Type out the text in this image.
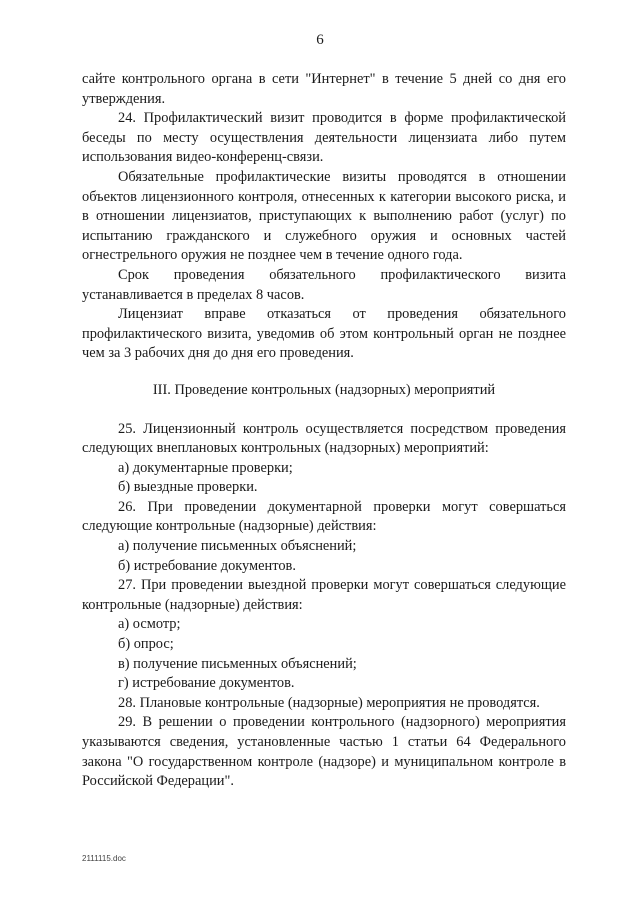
6

сайте контрольного органа в сети "Интернет" в течение 5 дней со дня его утверждения.

24. Профилактический визит проводится в форме профилактической беседы по месту осуществления деятельности лицензиата либо путем использования видео-конференц-связи.

Обязательные профилактические визиты проводятся в отношении объектов лицензионного контроля, отнесенных к категории высокого риска, и в отношении лицензиатов, приступающих к выполнению работ (услуг) по испытанию гражданского и служебного оружия и основных частей огнестрельного оружия не позднее чем в течение одного года.

Срок проведения обязательного профилактического визита устанавливается в пределах 8 часов.

Лицензиат вправе отказаться от проведения обязательного профилактического визита, уведомив об этом контрольный орган не позднее чем за 3 рабочих дня до дня его проведения.

III. Проведение контрольных (надзорных) мероприятий

25. Лицензионный контроль осуществляется посредством проведения следующих внеплановых контрольных (надзорных) мероприятий:

а) документарные проверки;

б) выездные проверки.

26. При проведении документарной проверки могут совершаться следующие контрольные (надзорные) действия:

а) получение письменных объяснений;

б) истребование документов.

27. При проведении выездной проверки могут совершаться следующие контрольные (надзорные) действия:

а) осмотр;

б) опрос;

в) получение письменных объяснений;

г) истребование документов.

28. Плановые контрольные (надзорные) мероприятия не проводятся.

29. В решении о проведении контрольного (надзорного) мероприятия указываются сведения, установленные частью 1 статьи 64 Федерального закона "О государственном контроле (надзоре) и муниципальном контроле в Российской Федерации".

2111115.doc
